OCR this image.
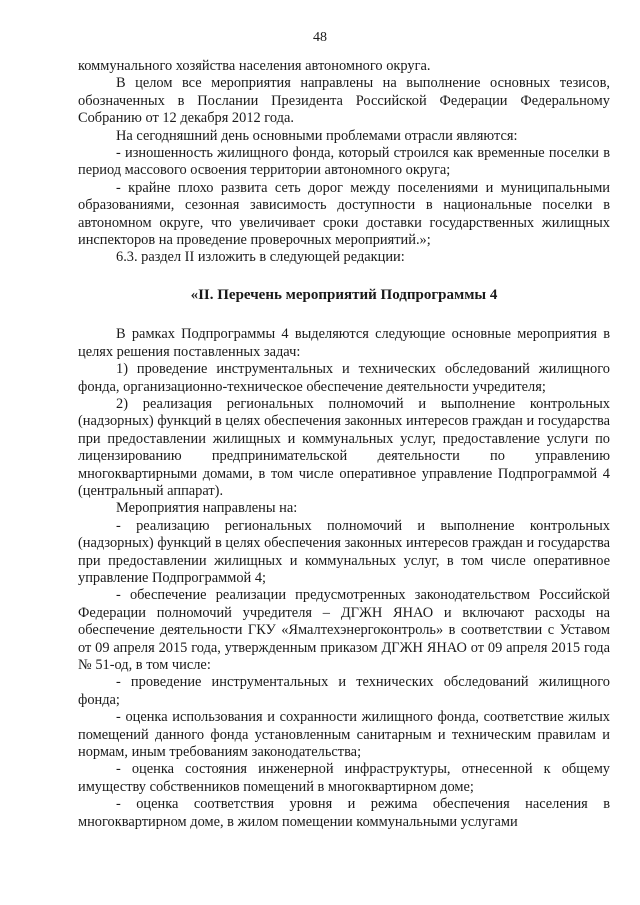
48

коммунального хозяйства населения автономного округа.

В целом все мероприятия направлены на выполнение основных тезисов, обозначенных в Послании Президента Российской Федерации Федеральному Собранию от 12 декабря 2012 года.

На сегодняшний день основными проблемами отрасли являются:

- изношенность жилищного фонда, который строился как временные поселки в период массового освоения территории автономного округа;

- крайне плохо развита сеть дорог между поселениями и муниципальными образованиями, сезонная зависимость доступности в национальные поселки в автономном округе, что увеличивает сроки доставки государственных жилищных инспекторов на проведение проверочных мероприятий.»;

6.3. раздел II изложить в следующей редакции:

«II. Перечень мероприятий Подпрограммы 4

В рамках Подпрограммы 4 выделяются следующие основные мероприятия в целях решения поставленных задач:

1) проведение инструментальных и технических обследований жилищного фонда, организационно-техническое обеспечение деятельности учредителя;

2) реализация региональных полномочий и выполнение контрольных (надзорных) функций в целях обеспечения законных интересов граждан и государства при предоставлении жилищных и коммунальных услуг, предоставление услуги по лицензированию предпринимательской деятельности по управлению многоквартирными домами, в том числе оперативное управление Подпрограммой 4 (центральный аппарат).

Мероприятия направлены на:

- реализацию региональных полномочий и выполнение контрольных (надзорных) функций в целях обеспечения законных интересов граждан и государства при предоставлении жилищных и коммунальных услуг, в том числе оперативное управление Подпрограммой 4;

- обеспечение реализации предусмотренных законодательством Российской Федерации полномочий учредителя – ДГЖН ЯНАО и включают расходы на обеспечение деятельности ГКУ «Ямалтехэнергоконтроль» в соответствии с Уставом от 09 апреля 2015 года, утвержденным приказом ДГЖН ЯНАО от 09 апреля 2015 года № 51-од, в том числе:

- проведение инструментальных и технических обследований жилищного фонда;

- оценка использования и сохранности жилищного фонда, соответствие жилых помещений данного фонда установленным санитарным и техническим правилам и нормам, иным требованиям законодательства;

- оценка состояния инженерной инфраструктуры, отнесенной к общему имуществу собственников помещений в многоквартирном доме;

- оценка соответствия уровня и режима обеспечения населения в многоквартирном доме, в жилом помещении коммунальными услугами
